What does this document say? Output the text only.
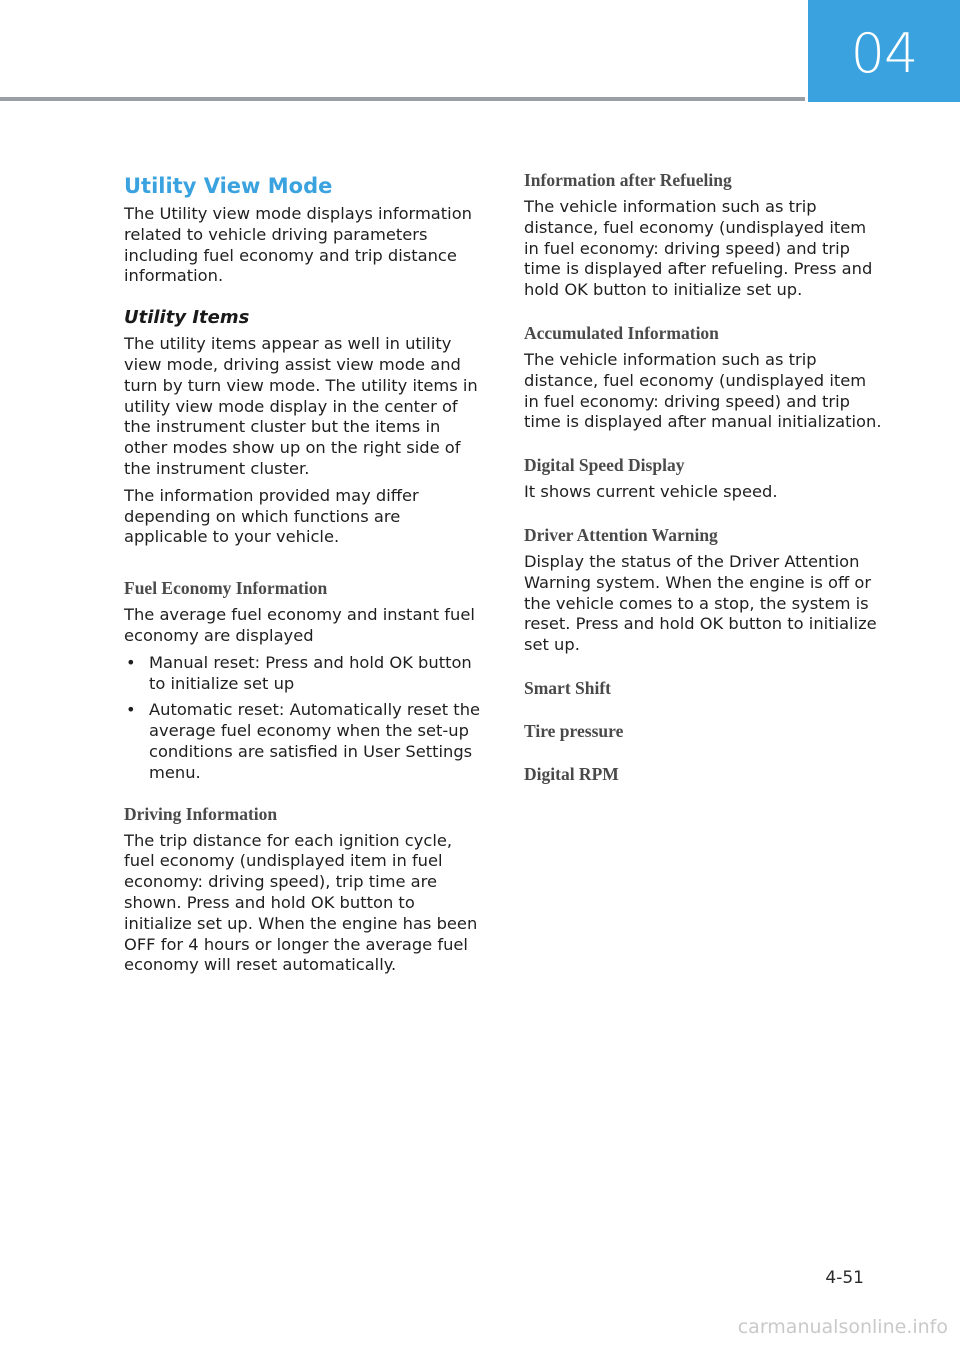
04
Utility View Mode

The Utility view mode displays information related to vehicle driving parameters including fuel economy and trip distance information.

Utility Items

The utility items appear as well in utility view mode, driving assist view mode and turn by turn view mode. The utility items in utility view mode display in the center of the instrument cluster but the items in other modes show up on the right side of the instrument cluster.

The information provided may differ depending on which functions are applicable to your vehicle.

Fuel Economy Information

The average fuel economy and instant fuel economy are displayed

• Manual reset: Press and hold OK button to initialize set up
• Automatic reset: Automatically reset the average fuel economy when the set-up conditions are satisfied in User Settings menu.
Driving Information

The trip distance for each ignition cycle, fuel economy (undisplayed item in fuel economy: driving speed), trip time are shown. Press and hold OK button to initialize set up. When the engine has been OFF for 4 hours or longer the average fuel economy will reset automatically.

Information after Refueling

The vehicle information such as trip distance, fuel economy (undisplayed item in fuel economy: driving speed) and trip time is displayed after refueling. Press and hold OK button to initialize set up.

Accumulated Information

The vehicle information such as trip distance, fuel economy (undisplayed item in fuel economy: driving speed) and trip time is displayed after manual initialization.

Digital Speed Display

It shows current vehicle speed.

Driver Attention Warning

Display the status of the Driver Attention Warning system. When the engine is off or the vehicle comes to a stop, the system is reset. Press and hold OK button to initialize set up.

Smart Shift
Tire pressure
Digital RPM
4-51
carmanualsonline.info
